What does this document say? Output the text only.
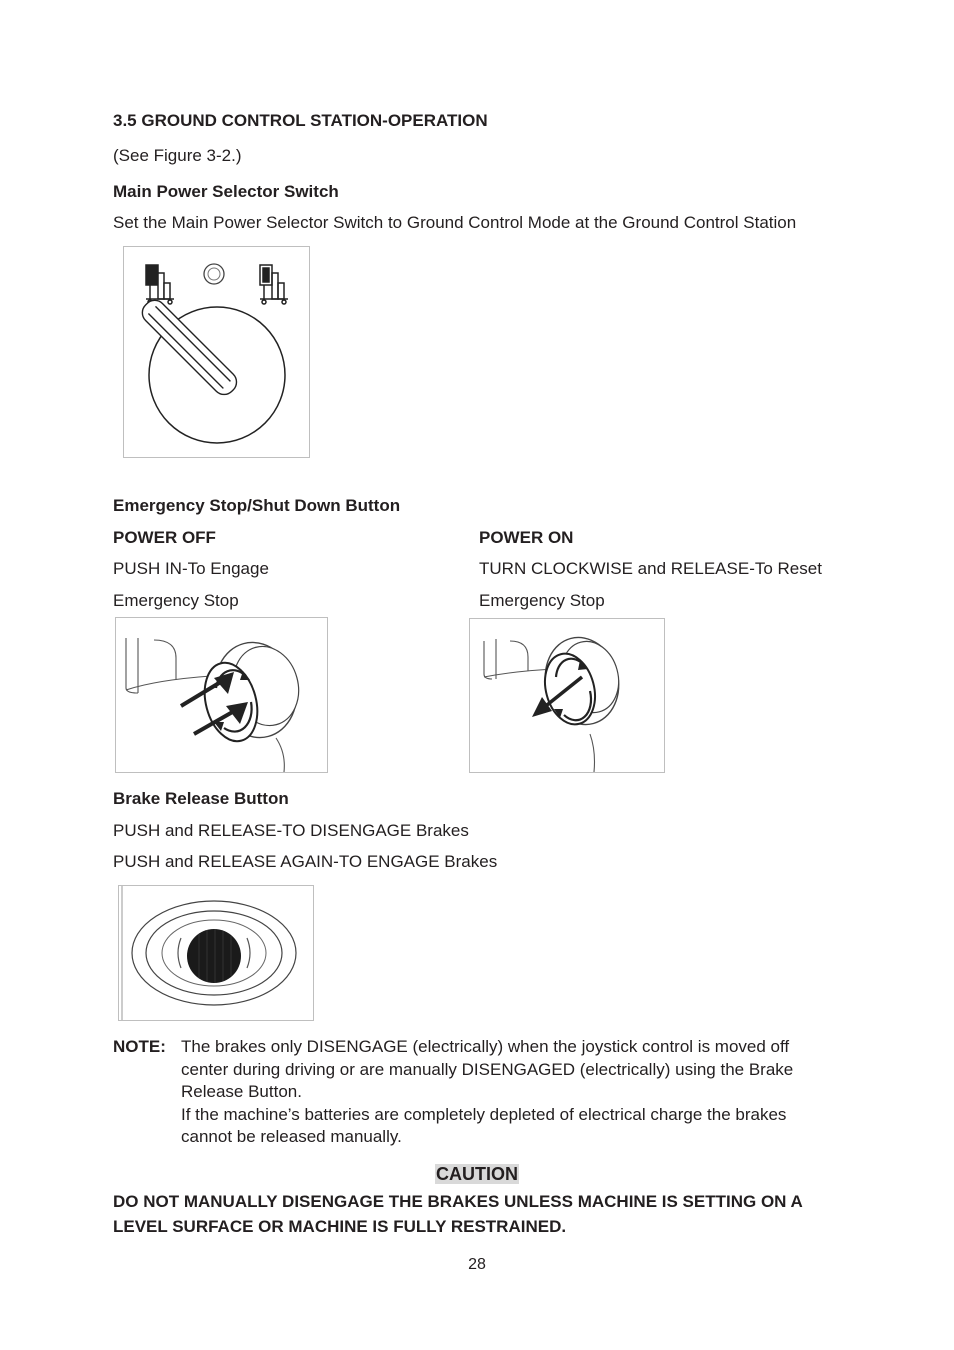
3.5 GROUND CONTROL STATION-OPERATION
(See Figure 3-2.)
Main Power Selector Switch
Set the Main Power Selector Switch to Ground Control Mode at the Ground Control Station
Emergency Stop/Shut Down Button
POWER OFF
PUSH IN-To Engage
Emergency Stop
POWER ON
TURN CLOCKWISE and RELEASE-To Reset
Emergency Stop
Brake Release Button
PUSH and RELEASE-TO DISENGAGE Brakes
PUSH and RELEASE AGAIN-TO ENGAGE Brakes
NOTE: The brakes only DISENGAGE (electrically) when the joystick control is moved off center during driving or are manually DISENGAGED (electrically) using the Brake Release Button.

If the machine’s batteries are completely depleted of electrical charge the brakes cannot be released manually.

CAUTION

DO NOT MANUALLY DISENGAGE THE BRAKES UNLESS MACHINE IS SETTING ON A

LEVEL SURFACE OR MACHINE IS FULLY RESTRAINED.

28
